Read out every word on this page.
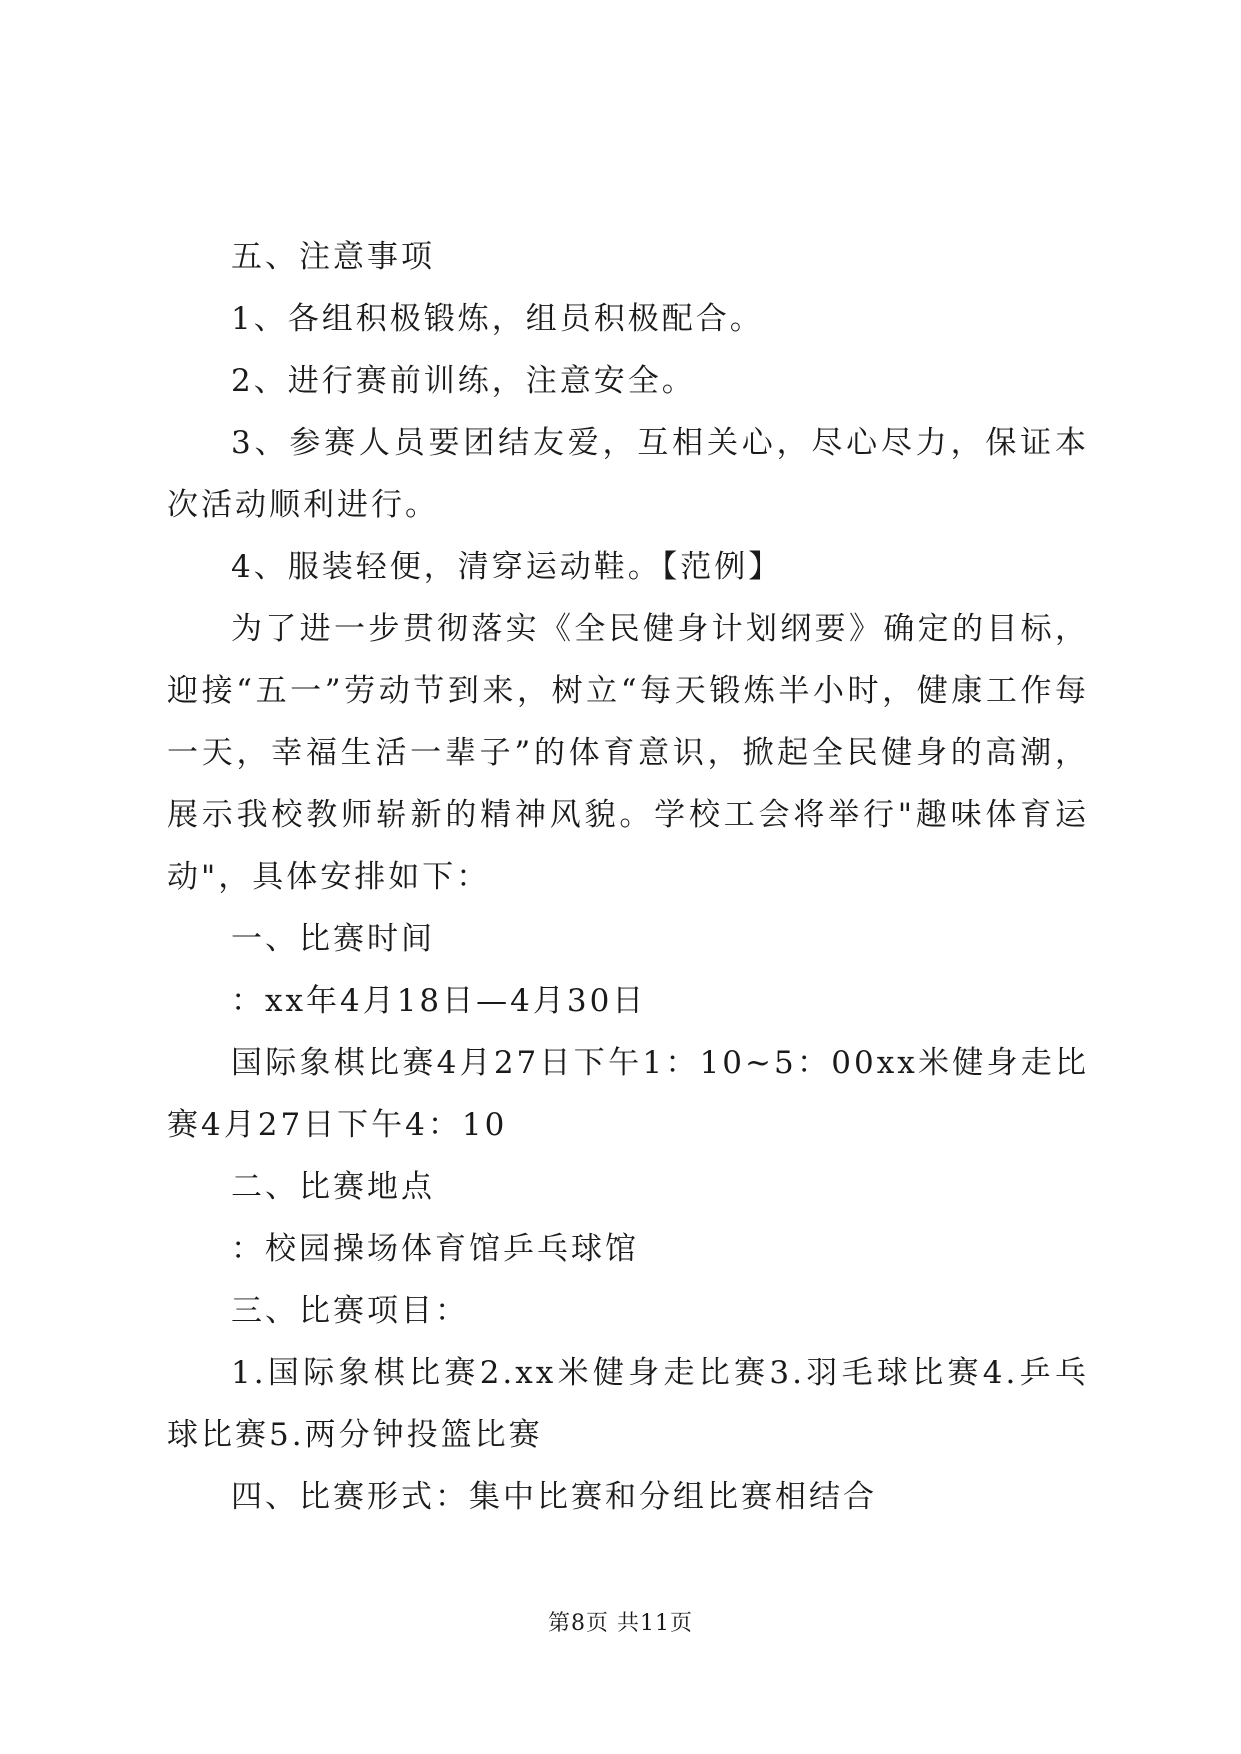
五、注意事项

1、各组积极锻炼，组员积极配合。

2、进行赛前训练，注意安全。

3、参赛人员要团结友爱，互相关心，尽心尽力，保证本次活动顺利进行。

4、服装轻便，清穿运动鞋。【范例】

为了进一步贯彻落实《全民健身计划纲要》确定的目标，迎接“五一”劳动节到来，树立“每天锻炼半小时，健康工作每一天，幸福生活一辈子”的体育意识，掀起全民健身的高潮，展示我校教师崭新的精神风貌。学校工会将举行"趣味体育运动"，具体安排如下：

一、比赛时间

：xx年4月18日—4月30日

国际象棋比赛4月27日下午1：10~5：00xx米健身走比赛4月27日下午4：10

二、比赛地点

：校园操场体育馆乒乓球馆

三、比赛项目：

1.国际象棋比赛2.xx米健身走比赛3.羽毛球比赛4.乒乓球比赛5.两分钟投篮比赛

四、比赛形式：集中比赛和分组比赛相结合

第8页 共11页
